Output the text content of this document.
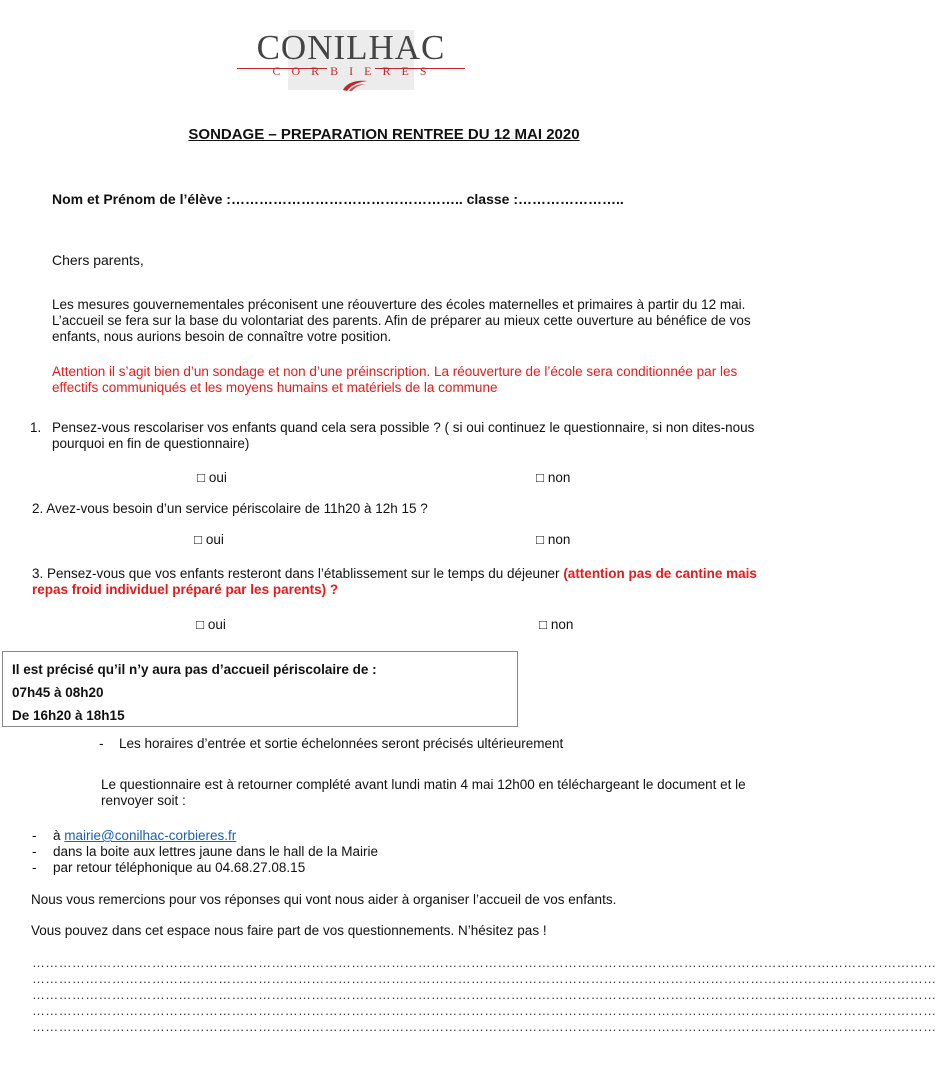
CONILHAC
CORBIERES
SONDAGE – PREPARATION RENTREE DU 12 MAI 2020
Nom et Prénom de l’élève :………………………………………….. classe :…………………..
Chers parents,
Les mesures gouvernementales préconisent une réouverture des écoles maternelles et primaires à partir du 12 mai. L’accueil se fera sur la base du volontariat des parents. Afin de préparer au mieux cette ouverture au bénéfice de vos enfants, nous aurions besoin de connaître votre position.
Attention il s’agit bien d’un sondage et non d’une préinscription. La réouverture de l’école sera conditionnée par les effectifs communiqués et les moyens humains et matériels de la commune
1. Pensez-vous rescolariser vos enfants quand cela sera possible ? ( si oui continuez le questionnaire, si non dites-nous pourquoi en fin de questionnaire)
□ oui	□ non
2. Avez-vous besoin d’un service périscolaire de 11h20 à 12h 15 ?
□ oui	□ non
3. Pensez-vous que vos enfants resteront dans l’établissement sur le temps du déjeuner (attention pas de cantine mais repas froid individuel préparé par les parents) ?
□ oui	□ non
Il est précisé qu’il n’y aura pas d’accueil périscolaire de :
07h45 à 08h20
De 16h20 à 18h15
- Les horaires d’entrée et sortie échelonnées seront précisés ultérieurement
Le questionnaire est à retourner complété avant lundi matin 4 mai 12h00 en téléchargeant le document et le renvoyer soit :
- à mairie@conilhac-corbieres.fr
- dans la boite aux lettres jaune dans le hall de la Mairie
- par retour téléphonique au 04.68.27.08.15
Nous vous remercions pour vos réponses qui vont nous aider à organiser l’accueil de vos enfants.
Vous pouvez dans cet espace nous faire part de vos questionnements. N’hésitez pas !
……………………………………………………………………………………………………………………………………………………………………………………
……………………………………………………………………………………………………………………………………………………………………………………
……………………………………………………………………………………………………………………………………………………………………………………
……………………………………………………………………………………………………………………………………………………………………………………
……………………………………………………………………………………………………………………………………………………………………………………
